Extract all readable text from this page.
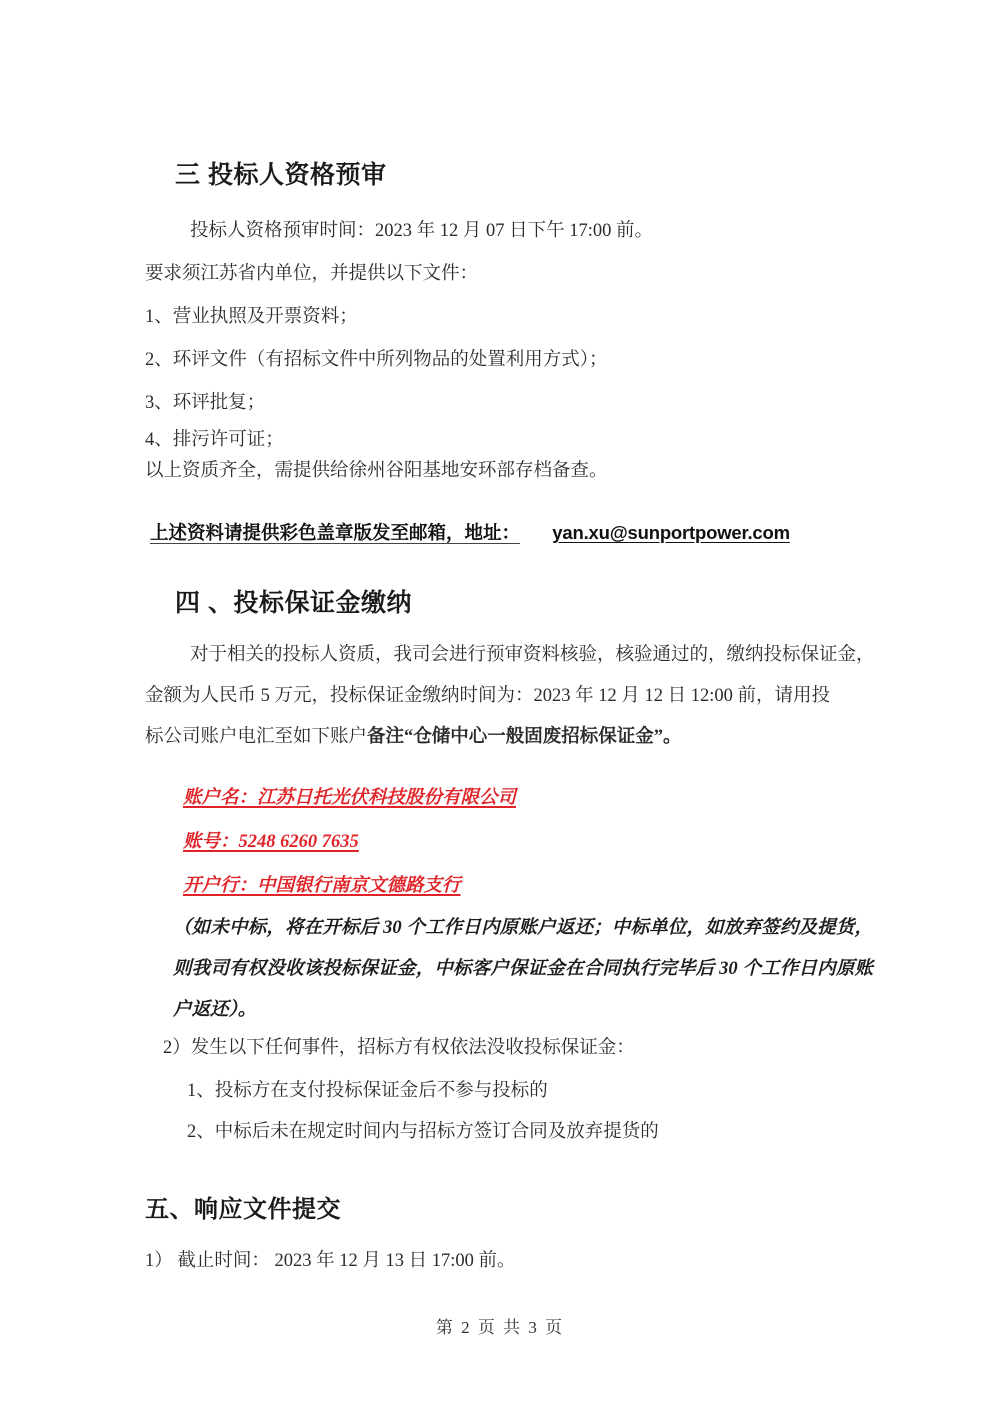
三 投标人资格预审
投标人资格预审时间：2023 年 12 月 07 日下午 17:00 前。
要求须江苏省内单位，并提供以下文件：
1、营业执照及开票资料；
2、环评文件（有招标文件中所列物品的处置利用方式）；
3、环评批复；
4、排污许可证；
以上资质齐全，需提供给徐州谷阳基地安环部存档备查。
上述资料请提供彩色盖章版发至邮箱，地址： yan.xu@sunportpower.com
四 、投标保证金缴纳
对于相关的投标人资质，我司会进行预审资料核验，核验通过的，缴纳投标保证金，
金额为人民币 5 万元，投标保证金缴纳时间为：2023 年 12 月 12 日 12:00 前，请用投
标公司账户电汇至如下账户备注“仓储中心一般固废招标保证金”。
账户名：江苏日托光伏科技股份有限公司
账号：5248 6260 7635
开户行：中国银行南京文德路支行
（如未中标，将在开标后 30 个工作日内原账户返还；中标单位，如放弃签约及提货，则我司有权没收该投标保证金，中标客户保证金在合同执行完毕后 30 个工作日内原账户返还）。
2）发生以下任何事件，招标方有权依法没收投标保证金：
1、投标方在支付投标保证金后不参与投标的
2、中标后未在规定时间内与招标方签订合同及放弃提货的
五、响应文件提交
1） 截止时间： 2023 年 12 月 13 日 17:00 前。
第 2 页 共 3 页
